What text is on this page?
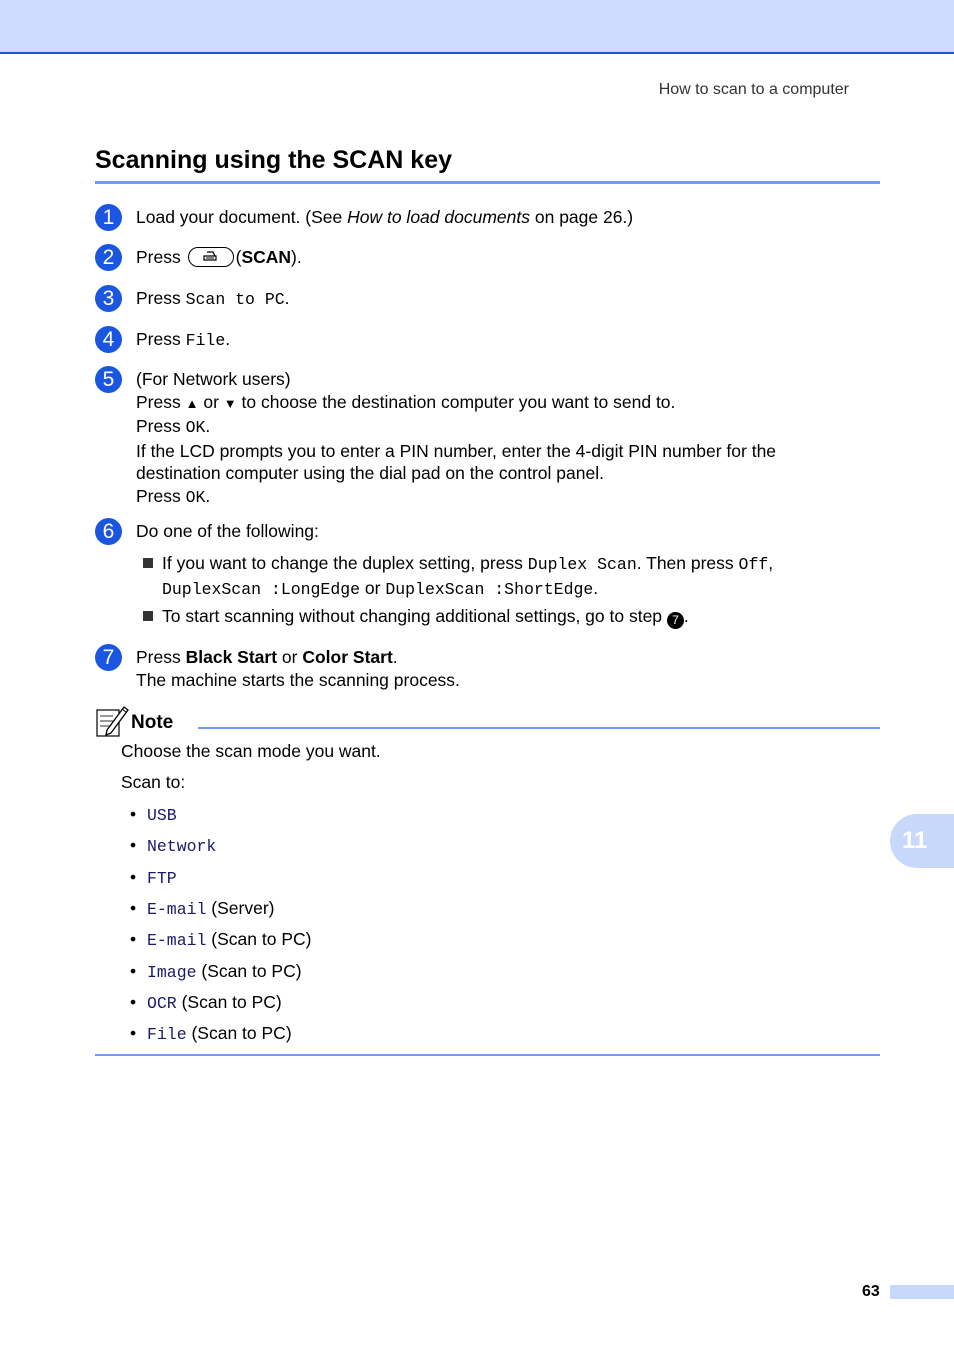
How to scan to a computer
Scanning using the SCAN key
1	Load your document. (See How to load documents on page 26.)
2	Press	(SCAN).
3	Press Scan to PC.
4	Press File.
5	(For Network users)
Press ▲ or ▼ to choose the destination computer you want to send to.
Press OK.
If the LCD prompts you to enter a PIN number, enter the 4-digit PIN number for the destination computer using the dial pad on the control panel.
Press OK.
6	Do one of the following:
If you want to change the duplex setting, press Duplex Scan. Then press Off,
DuplexScan :LongEdge or DuplexScan :ShortEdge.
To start scanning without changing additional settings, go to step 7 .
7	Press Black Start or Color Start.
The machine starts the scanning process.
Note
Choose the scan mode you want.
Scan to:
• USB
• Network
• FTP
• E-mail (Server)
• E-mail (Scan to PC)
• Image (Scan to PC)
• OCR (Scan to PC)
• File (Scan to PC)
11
63
